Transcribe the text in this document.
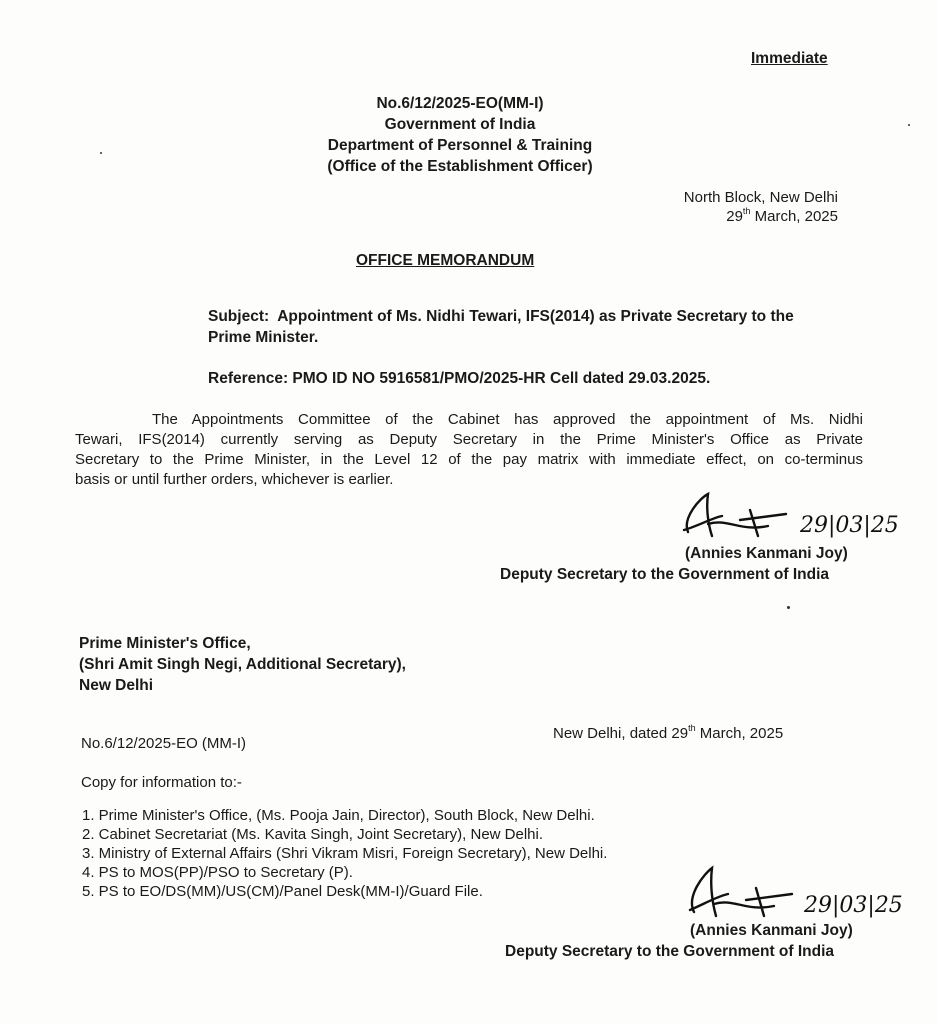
Immediate
No.6/12/2025-EO(MM-I)
Government of India
Department of Personnel & Training
(Office of the Establishment Officer)
North Block, New Delhi
29th March, 2025
OFFICE MEMORANDUM
Subject: Appointment of Ms. Nidhi Tewari, IFS(2014) as Private Secretary to the
Prime Minister.
Reference: PMO ID NO 5916581/PMO/2025-HR Cell dated 29.03.2025.
The Appointments Committee of the Cabinet has approved the appointment of Ms. Nidhi
Tewari, IFS(2014) currently serving as Deputy Secretary in the Prime Minister's Office as Private
Secretary to the Prime Minister, in the Level 12 of the pay matrix with immediate effect, on co-terminus
basis or until further orders, whichever is earlier.
29|03|25
(Annies Kanmani Joy)
Deputy Secretary to the Government of India
Prime Minister's Office,
(Shri Amit Singh Negi, Additional Secretary),
New Delhi
No.6/12/2025-EO (MM-I)
New Delhi, dated 29th March, 2025
Copy for information to:-
1. Prime Minister's Office, (Ms. Pooja Jain, Director), South Block, New Delhi.
2. Cabinet Secretariat (Ms. Kavita Singh, Joint Secretary), New Delhi.
3. Ministry of External Affairs (Shri Vikram Misri, Foreign Secretary), New Delhi.
4. PS to MOS(PP)/PSO to Secretary (P).
5. PS to EO/DS(MM)/US(CM)/Panel Desk(MM-I)/Guard File.
29|03|25
(Annies Kanmani Joy)
Deputy Secretary to the Government of India
